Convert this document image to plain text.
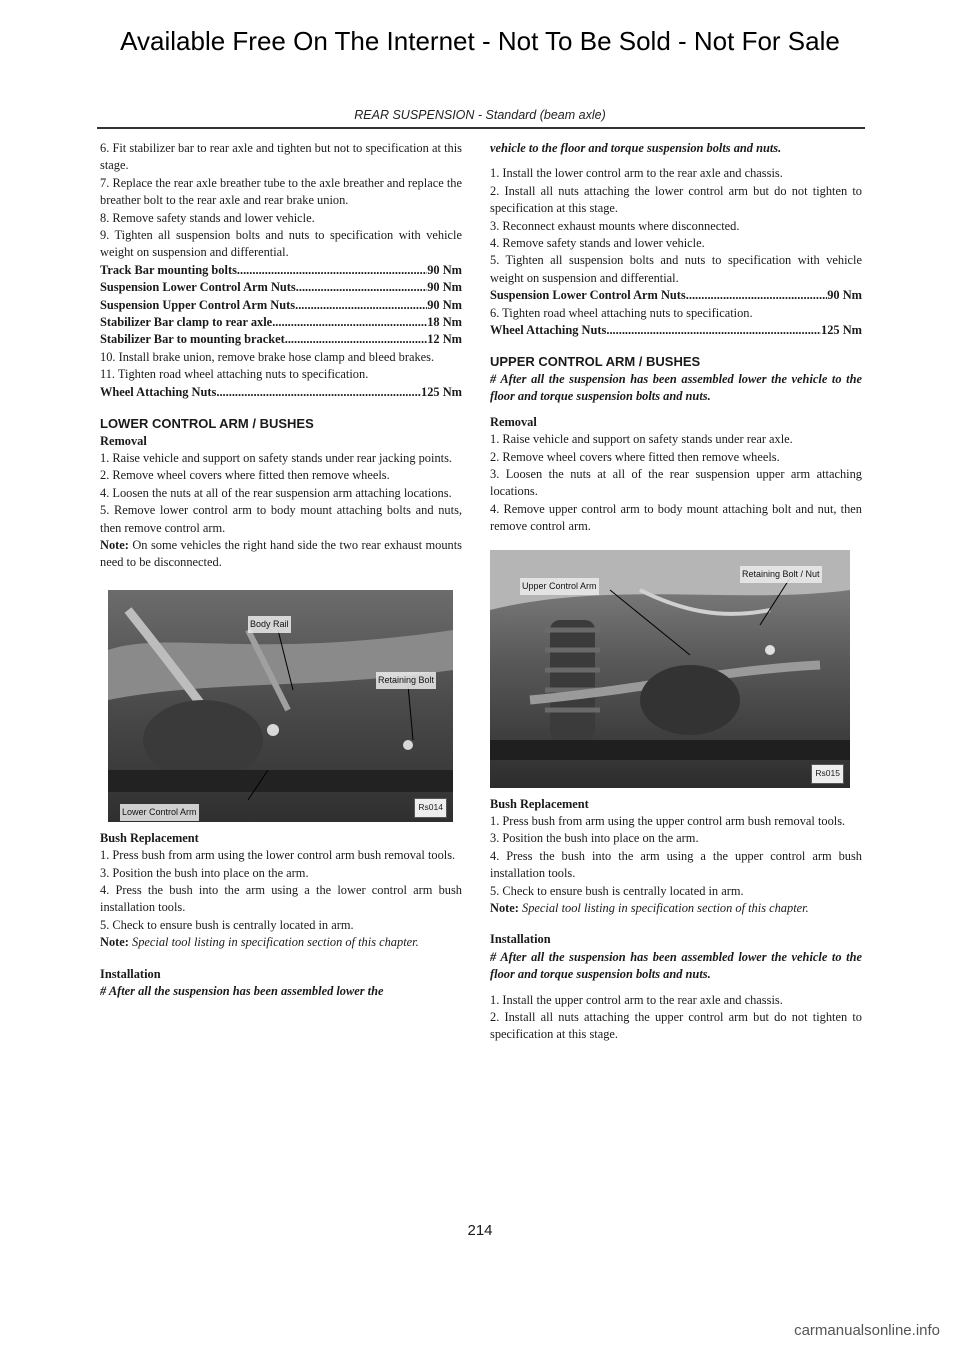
Available Free On The Internet - Not To Be Sold - Not For Sale
REAR SUSPENSION - Standard (beam axle)

6. Fit stabilizer bar to rear axle and tighten but not to specification at this stage.

7. Replace the rear axle breather tube to the axle breather and replace the breather bolt to the rear axle and rear brake union.

8. Remove safety stands and lower vehicle.

9. Tighten all suspension bolts and nuts to specification with vehicle weight on suspension and differential.

Track Bar mounting bolts .....	90 Nm
Suspension Lower Control Arm Nuts .....	90 Nm
Suspension Upper Control Arm Nuts .....	90 Nm
Stabilizer Bar clamp to rear axle .....	18 Nm
Stabilizer Bar to mounting bracket .....	12 Nm

10. Install brake union, remove brake hose clamp and bleed brakes.

11. Tighten road wheel attaching nuts to specification.

Wheel Attaching Nuts .....	125 Nm

LOWER CONTROL ARM / BUSHES

Removal

1. Raise vehicle and support on safety stands under rear jacking points.

2. Remove wheel covers where fitted then remove wheels.

4. Loosen the nuts at all of the rear suspension arm attaching locations.

5. Remove lower control arm to body mount attaching bolts and nuts, then remove control arm.

Note: On some vehicles the right hand side the two rear exhaust mounts need to be disconnected.

Body Rail
Retaining Bolt
Lower Control Arm	Rs014

Bush Replacement

1. Press bush from arm using the lower control arm bush removal tools.

3. Position the bush into place on the arm.

4. Press the bush into the arm using a the lower control arm bush installation tools.

5. Check to ensure bush is centrally located in arm.

Note: Special tool listing in specification section of this chapter.

Installation

# After all the suspension has been assembled lower the

vehicle to the floor and torque suspension bolts and nuts.

1. Install the lower control arm to the rear axle and chassis.

2. Install all nuts attaching the lower control arm but do not tighten to specification at this stage.

3. Reconnect exhaust mounts where disconnected.

4. Remove safety stands and lower vehicle.

5. Tighten all suspension bolts and nuts to specification with vehicle weight on suspension and differential.

Suspension Lower Control Arm Nuts .....	90 Nm

6. Tighten road wheel attaching nuts to specification.

Wheel Attaching Nuts .....	125 Nm

UPPER CONTROL ARM / BUSHES

# After all the suspension has been assembled lower the vehicle to the floor and torque suspension bolts and nuts.

Removal

1. Raise vehicle and support on safety stands under rear axle.

2. Remove wheel covers where fitted then remove wheels.

3. Loosen the nuts at all of the rear suspension upper arm attaching locations.

4. Remove upper control arm to body mount attaching bolt and nut, then remove control arm.

Upper Control Arm
Retaining Bolt / Nut
Rs015

Bush Replacement

1. Press bush from arm using the upper control arm bush removal tools.

3. Position the bush into place on the arm.

4. Press the bush into the arm using a the upper control arm bush installation tools.

5. Check to ensure bush is centrally located in arm.

Note: Special tool listing in specification section of this chapter.

Installation

# After all the suspension has been assembled lower the vehicle to the floor and torque suspension bolts and nuts.

1. Install the upper control arm to the rear axle and chassis.

2. Install all nuts attaching the upper control arm but do not tighten to specification at this stage.

214
carmanualsonline.info
